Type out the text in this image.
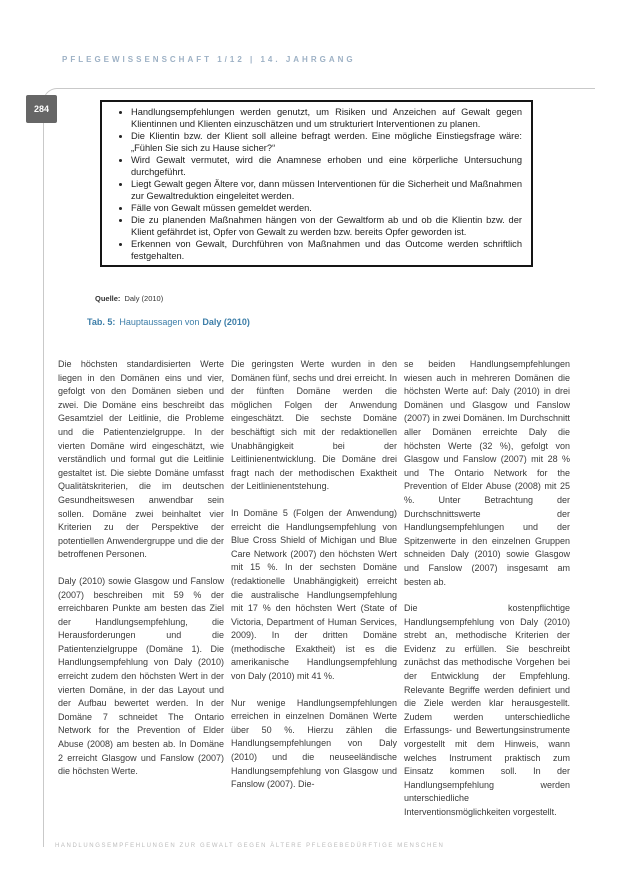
PFLEGEWISSENSCHAFT 1/12 | 14. JAHRGANG
284	• Handlungsempfehlungen werden genutzt, um Risiken und Anzeichen auf Gewalt gegen Klientinnen und Klienten einzuschätzen und um strukturiert Interventionen zu planen.
• Die Klientin bzw. der Klient soll alleine befragt werden. Eine mögliche Einstiegsfrage wäre: „Fühlen Sie sich zu Hause sicher?“
• Wird Gewalt vermutet, wird die Anamnese erhoben und eine körperliche Untersuchung durchgeführt.
• Liegt Gewalt gegen Ältere vor, dann müssen Interventionen für die Sicherheit und Maßnahmen zur Gewaltreduktion eingeleitet werden.
• Fälle von Gewalt müssen gemeldet werden.
• Die zu planenden Maßnahmen hängen von der Gewaltform ab und ob die Klientin bzw. der Klient gefährdet ist, Opfer von Gewalt zu werden bzw. bereits Opfer geworden ist.
• Erkennen von Gewalt, Durchführen von Maßnahmen und das Outcome werden schriftlich festgehalten.
Quelle: Daly (2010)
Tab. 5: Hauptaussagen von Daly (2010)

Die höchsten standardisierten Werte liegen in den Domänen eins und vier, gefolgt von den Domänen sieben und zwei. Die Domäne eins beschreibt das Gesamtziel der Leitlinie, die Probleme und die Patientenzielgruppe. In der vierten Domäne wird eingeschätzt, wie verständlich und formal gut die Leitlinie gestaltet ist. Die siebte Domäne umfasst Qualitätskriterien, die im deutschen Gesundheitswesen anwendbar sein sollen. Domäne zwei beinhaltet vier Kriterien zu der Perspektive der potentiellen Anwendergruppe und die der betroffenen Personen.

Daly (2010) sowie Glasgow und Fanslow (2007) beschreiben mit 59 % der erreichbaren Punkte am besten das Ziel der Handlungsempfehlung, die Herausforderungen und die Patientenzielgruppe (Domäne 1). Die Handlungsempfehlung von Daly (2010) erreicht zudem den höchsten Wert in der vierten Domäne, in der das Layout und der Aufbau bewertet werden. In der Domäne 7 schneidet The Ontario Network for the Prevention of Elder Abuse (2008) am besten ab. In Domäne 2 erreicht Glasgow und Fanslow (2007) die höchsten Werte.

Die geringsten Werte wurden in den Domänen fünf, sechs und drei erreicht. In der fünften Domäne werden die möglichen Folgen der Anwendung eingeschätzt. Die sechste Domäne beschäftigt sich mit der redaktionellen Unabhängigkeit bei der Leitlinienentwicklung. Die Domäne drei fragt nach der methodischen Exaktheit der Leitlinienentstehung.

In Domäne 5 (Folgen der Anwendung) erreicht die Handlungsempfehlung von Blue Cross Shield of Michigan und Blue Care Network (2007) den höchsten Wert mit 15 %. In der sechsten Domäne (redaktionelle Unabhängigkeit) erreicht die australische Handlungsempfehlung mit 17 % den höchsten Wert (State of Victoria, Department of Human Services, 2009). In der dritten Domäne (methodische Exaktheit) ist es die amerikanische Handlungsempfehlung von Daly (2010) mit 41 %.

Nur wenige Handlungsempfehlungen erreichen in einzelnen Domänen Werte über 50 %. Hierzu zählen die Handlungsempfehlungen von Daly (2010) und die neuseeländische Handlungsempfehlung von Glasgow und Fanslow (2007). Die-

se beiden Handlungsempfehlungen wiesen auch in mehreren Domänen die höchsten Werte auf: Daly (2010) in drei Domänen und Glasgow und Fanslow (2007) in zwei Domänen. Im Durchschnitt aller Domänen erreichte Daly die höchsten Werte (32 %), gefolgt von Glasgow und Fanslow (2007) mit 28 % und The Ontario Network for the Prevention of Elder Abuse (2008) mit 25 %. Unter Betrachtung der Durchschnittswerte der Handlungsempfehlungen und der Spitzenwerte in den einzelnen Gruppen schneiden Daly (2010) sowie Glasgow und Fanslow (2007) insgesamt am besten ab.

Die kostenpflichtige Handlungsempfehlung von Daly (2010) strebt an, methodische Kriterien der Evidenz zu erfüllen. Sie beschreibt zunächst das methodische Vorgehen bei der Entwicklung der Empfehlung. Relevante Begriffe werden definiert und die Ziele werden klar herausgestellt. Zudem werden unterschiedliche Erfassungs- und Bewertungsinstrumente vorgestellt mit dem Hinweis, wann welches Instrument praktisch zum Einsatz kommen soll. In der Handlungsempfehlung werden unterschiedliche Interventionsmöglichkeiten vorgestellt.

HANDLUNGSEMPFEHLUNGEN ZUR GEWALT GEGEN ÄLTERE PFLEGEBEDÜRFTIGE MENSCHEN
